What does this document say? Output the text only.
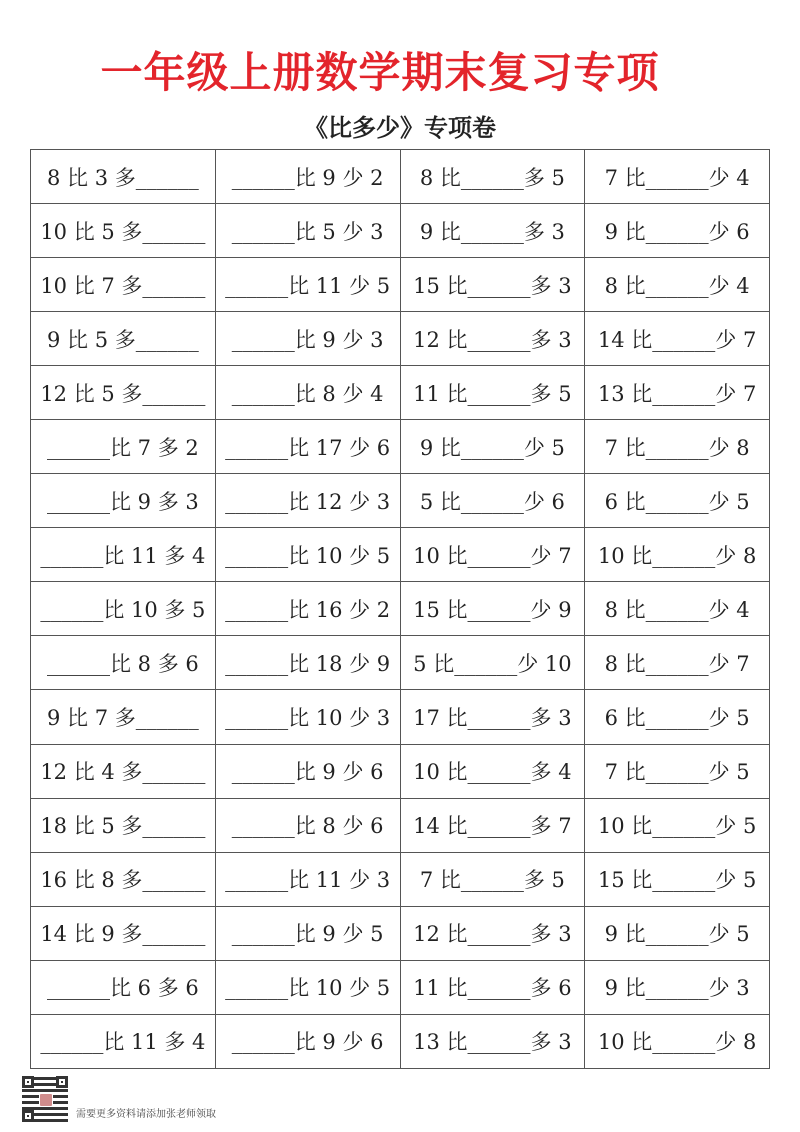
一年级上册数学期末复习专项
《比多少》专项卷
8 比 3 多______	______比 9 少 2	8 比______多 5	7 比______少 4
10 比 5 多______	______比 5 少 3	9 比______多 3	9 比______少 6
10 比 7 多______	______比 11 少 5	15 比______多 3	8 比______少 4
9 比 5 多______	______比 9 少 3	12 比______多 3	14 比______少 7
12 比 5 多______	______比 8 少 4	11 比______多 5	13 比______少 7
______比 7 多 2	______比 17 少 6	9 比______少 5	7 比______少 8
______比 9 多 3	______比 12 少 3	5 比______少 6	6 比______少 5
______比 11 多 4	______比 10 少 5	10 比______少 7	10 比______少 8
______比 10 多 5	______比 16 少 2	15 比______少 9	8 比______少 4
______比 8 多 6	______比 18 少 9	5 比______少 10	8 比______少 7
9 比 7 多______	______比 10 少 3	17 比______多 3	6 比______少 5
12 比 4 多______	______比 9 少 6	10 比______多 4	7 比______少 5
18 比 5 多______	______比 8 少 6	14 比______多 7	10 比______少 5
16 比 8 多______	______比 11 少 3	7 比______多 5	15 比______少 5
14 比 9 多______	______比 9 少 5	12 比______多 3	9 比______少 5
______比 6 多 6	______比 10 少 5	11 比______多 6	9 比______少 3
______比 11 多 4	______比 9 少 6	13 比______多 3	10 比______少 8
需要更多资料请添加张老师领取
